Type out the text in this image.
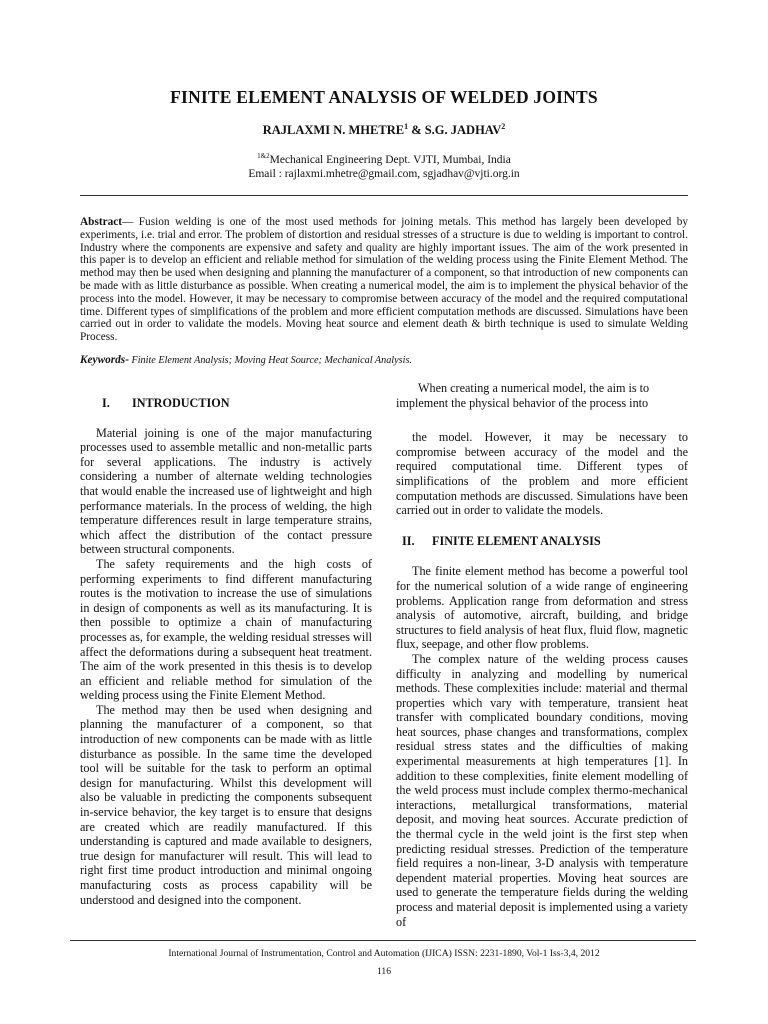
FINITE ELEMENT ANALYSIS OF WELDED JOINTS
RAJLAXMI N. MHETRE$^1$ & S.G. JADHAV$^2$
$^{1\&2}$Mechanical Engineering Dept. VJTI, Mumbai, India
Email : rajlaxmi.mhetre@gmail.com, sgjadhav@vjti.org.in
Abstract— Fusion welding is one of the most used methods for joining metals. This method has largely been developed by experiments, i.e. trial and error. The problem of distortion and residual stresses of a structure is due to welding is important to control. Industry where the components are expensive and safety and quality are highly important issues. The aim of the work presented in this paper is to develop an efficient and reliable method for simulation of the welding process using the Finite Element Method. The method may then be used when designing and planning the manufacturer of a component, so that introduction of new components can be made with as little disturbance as possible. When creating a numerical model, the aim is to implement the physical behavior of the process into the model. However, it may be necessary to compromise between accuracy of the model and the required computational time. Different types of simplifications of the problem and more efficient computation methods are discussed. Simulations have been carried out in order to validate the models. Moving heat source and element death & birth technique is used to simulate Welding Process.
Keywords- Finite Element Analysis; Moving Heat Source; Mechanical Analysis.

I. INTRODUCTION

Material joining is one of the major manufacturing processes used to assemble metallic and non-metallic parts for several applications. The industry is actively considering a number of alternate welding technologies that would enable the increased use of lightweight and high performance materials. In the process of welding, the high temperature differences result in large temperature strains, which affect the distribution of the contact pressure between structural components.

The safety requirements and the high costs of performing experiments to find different manufacturing routes is the motivation to increase the use of simulations in design of components as well as its manufacturing. It is then possible to optimize a chain of manufacturing processes as, for example, the welding residual stresses will affect the deformations during a subsequent heat treatment. The aim of the work presented in this thesis is to develop an efficient and reliable method for simulation of the welding process using the Finite Element Method.

The method may then be used when designing and planning the manufacturer of a component, so that introduction of new components can be made with as little disturbance as possible. In the same time the developed tool will be suitable for the task to perform an optimal design for manufacturing. Whilst this development will also be valuable in predicting the components subsequent in-service behavior, the key target is to ensure that designs are created which are readily manufactured. If this understanding is captured and made available to designers, true design for manufacturer will result. This will lead to right first time product introduction and minimal ongoing manufacturing costs as process capability will be understood and designed into the component.

When creating a numerical model, the aim is to implement the physical behavior of the process into

the model. However, it may be necessary to compromise between accuracy of the model and the required computational time. Different types of simplifications of the problem and more efficient computation methods are discussed. Simulations have been carried out in order to validate the models.

II. FINITE ELEMENT ANALYSIS

The finite element method has become a powerful tool for the numerical solution of a wide range of engineering problems. Application range from deformation and stress analysis of automotive, aircraft, building, and bridge structures to field analysis of heat flux, fluid flow, magnetic flux, seepage, and other flow problems.

The complex nature of the welding process causes difficulty in analyzing and modelling by numerical methods. These complexities include: material and thermal properties which vary with temperature, transient heat transfer with complicated boundary conditions, moving heat sources, phase changes and transformations, complex residual stress states and the difficulties of making experimental measurements at high temperatures [1]. In addition to these complexities, finite element modelling of the weld process must include complex thermo-mechanical interactions, metallurgical transformations, material deposit, and moving heat sources. Accurate prediction of the thermal cycle in the weld joint is the first step when predicting residual stresses. Prediction of the temperature field requires a non-linear, 3-D analysis with temperature dependent material properties. Moving heat sources are used to generate the temperature fields during the welding process and material deposit is implemented using a variety of

International Journal of Instrumentation, Control and Automation (IJICA) ISSN: 2231-1890, Vol-1 Iss-3,4, 2012
116
